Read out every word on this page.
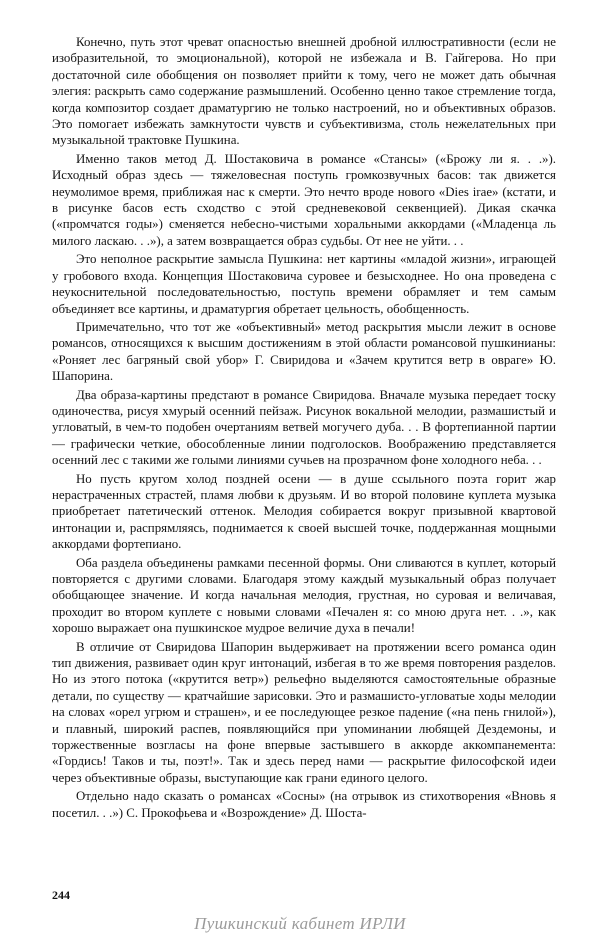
Конечно, путь этот чреват опасностью внешней дробной иллюстративности (если не изобразительной, то эмоциональной), которой не избежала и В. Гайгерова. Но при достаточной силе обобщения он позволяет прийти к тому, чего не может дать обычная элегия: раскрыть само содержание размышлений. Особенно ценно такое стремление тогда, когда композитор создает драматургию не только настроений, но и объективных образов. Это помогает избежать замкнутости чувств и субъективизма, столь нежелательных при музыкальной трактовке Пушкина.

Именно таков метод Д. Шостаковича в романсе «Стансы» («Брожу ли я. . .»). Исходный образ здесь — тяжеловесная поступь громкозвучных басов: так движется неумолимое время, приближая нас к смерти. Это нечто вроде нового «Dies irae» (кстати, и в рисунке басов есть сходство с этой средневековой секвенцией). Дикая скачка («промчатся годы») сменяется небесно-чистыми хоральными аккордами («Младенца ль милого ласкаю. . .»), а затем возвращается образ судьбы. От нее не уйти. . .

Это неполное раскрытие замысла Пушкина: нет картины «младой жизни», играющей у гробового входа. Концепция Шостаковича суровее и безысходнее. Но она проведена с неукоснительной последовательностью, поступь времени обрамляет и тем самым объединяет все картины, и драматургия обретает цельность, обобщенность.

Примечательно, что тот же «объективный» метод раскрытия мысли лежит в основе романсов, относящихся к высшим достижениям в этой области романсовой пушкинианы: «Роняет лес багряный свой убор» Г. Свиридова и «Зачем крутится ветр в овраге» Ю. Шапорина.

Два образа-картины предстают в романсе Свиридова. Вначале музыка передает тоску одиночества, рисуя хмурый осенний пейзаж. Рисунок вокальной мелодии, размашистый и угловатый, в чем-то подобен очертаниям ветвей могучего дуба. . . В фортепианной партии — графически четкие, обособленные линии подголосков. Воображению представляется осенний лес с такими же голыми линиями сучьев на прозрачном фоне холодного неба. . .

Но пусть кругом холод поздней осени — в душе ссыльного поэта горит жар нерастраченных страстей, пламя любви к друзьям. И во второй половине куплета музыка приобретает патетический оттенок. Мелодия собирается вокруг призывной квартовой интонации и, распрямляясь, поднимается к своей высшей точке, поддержанная мощными аккордами фортепиано.

Оба раздела объединены рамками песенной формы. Они сливаются в куплет, который повторяется с другими словами. Благодаря этому каждый музыкальный образ получает обобщающее значение. И когда начальная мелодия, грустная, но суровая и величавая, проходит во втором куплете с новыми словами «Печален я: со мною друга нет. . .», как хорошо выражает она пушкинское мудрое величие духа в печали!

В отличие от Свиридова Шапорин выдерживает на протяжении всего романса один тип движения, развивает один круг интонаций, избегая в то же время повторения разделов. Но из этого потока («крутится ветр») рельефно выделяются самостоятельные образные детали, по существу — кратчайшие зарисовки. Это и размашисто-угловатые ходы мелодии на словах «орел угрюм и страшен», и ее последующее резкое падение («на пень гнилой»), и плавный, широкий распев, появляющийся при упоминании любящей Дездемоны, и торжественные возгласы на фоне впервые застывшего в аккорде аккомпанемента: «Гордись! Таков и ты, поэт!». Так и здесь перед нами — раскрытие философской идеи через объективные образы, выступающие как грани единого целого.

Отдельно надо сказать о романсах «Сосны» (на отрывок из стихотворения «Вновь я посетил. . .») С. Прокофьева и «Возрождение» Д. Шоста-

244
Пушкинский кабинет ИРЛИ
